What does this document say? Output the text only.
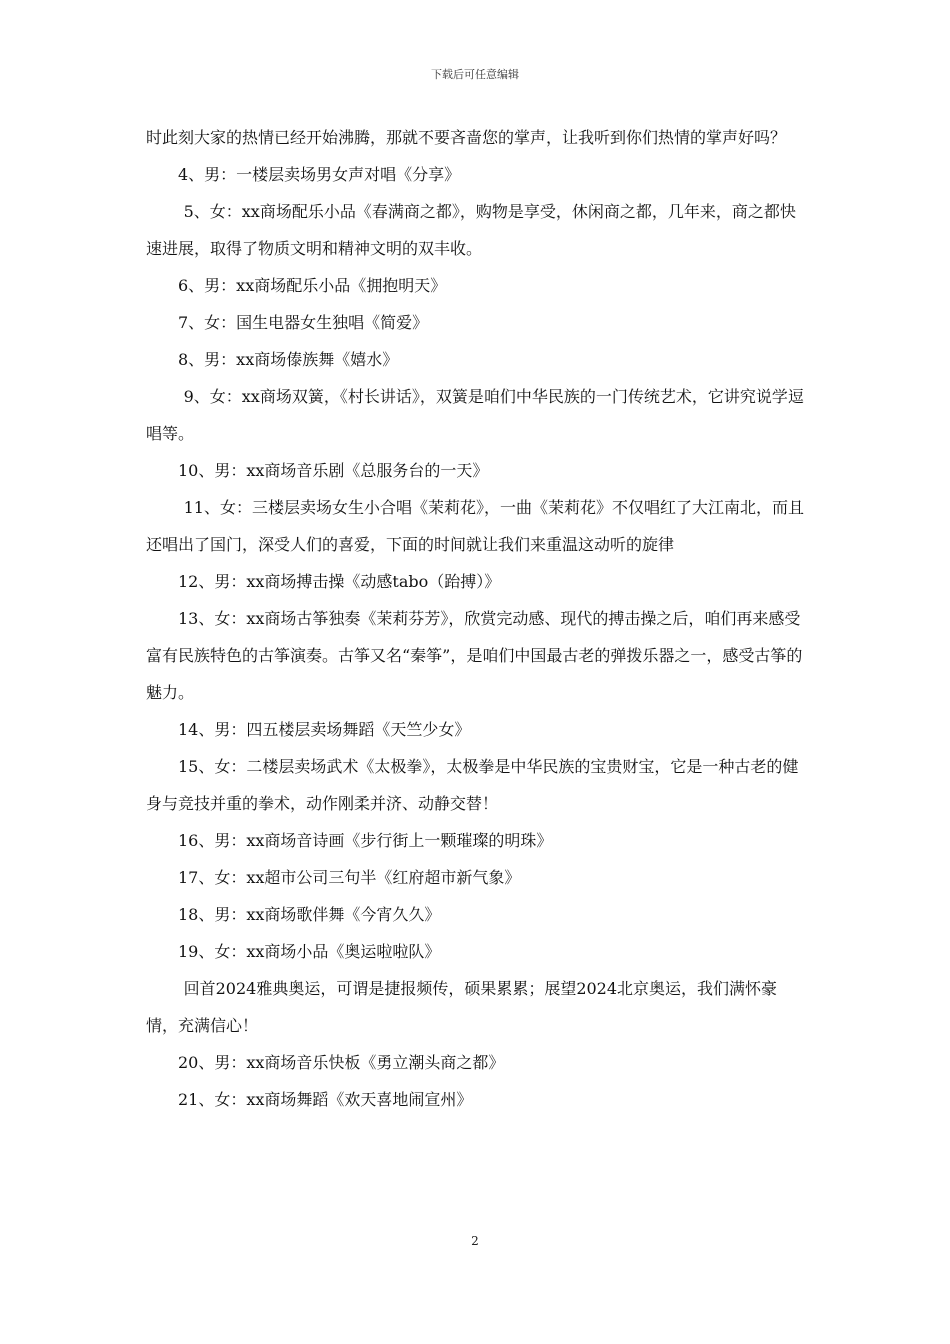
下载后可任意编辑

时此刻大家的热情已经开始沸腾，那就不要吝啬您的掌声，让我听到你们热情的掌声好吗？

4、男：一楼层卖场男女声对唱《分享》

5、女：xx商场配乐小品《春满商之都》，购物是享受，休闲商之都，几年来，商之都快速进展，取得了物质文明和精神文明的双丰收。

6、男：xx商场配乐小品《拥抱明天》

7、女：国生电器女生独唱《简爱》

8、男：xx商场傣族舞《嬉水》

9、女：xx商场双簧，《村长讲话》，双簧是咱们中华民族的一门传统艺术，它讲究说学逗唱等。

10、男：xx商场音乐剧《总服务台的一天》

11、女：三楼层卖场女生小合唱《茉莉花》，一曲《茉莉花》不仅唱红了大江南北，而且还唱出了国门，深受人们的喜爱，下面的时间就让我们来重温这动听的旋律

12、男：xx商场搏击操《动感tabo（跆搏）》

13、女：xx商场古筝独奏《茉莉芬芳》，欣赏完动感、现代的搏击操之后，咱们再来感受富有民族特色的古筝演奏。古筝又名“秦筝”，是咱们中国最古老的弹拨乐器之一，感受古筝的魅力。

14、男：四五楼层卖场舞蹈《天竺少女》

15、女：二楼层卖场武术《太极拳》，太极拳是中华民族的宝贵财宝，它是一种古老的健身与竞技并重的拳术，动作刚柔并济、动静交替！

16、男：xx商场音诗画《步行街上一颗璀璨的明珠》

17、女：xx超市公司三句半《红府超市新气象》

18、男：xx商场歌伴舞《今宵久久》

19、女：xx商场小品《奥运啦啦队》

回首2024雅典奥运，可谓是捷报频传，硕果累累；展望2024北京奥运，我们满怀豪情，充满信心！

20、男：xx商场音乐快板《勇立潮头商之都》

21、女：xx商场舞蹈《欢天喜地闹宣州》

2
